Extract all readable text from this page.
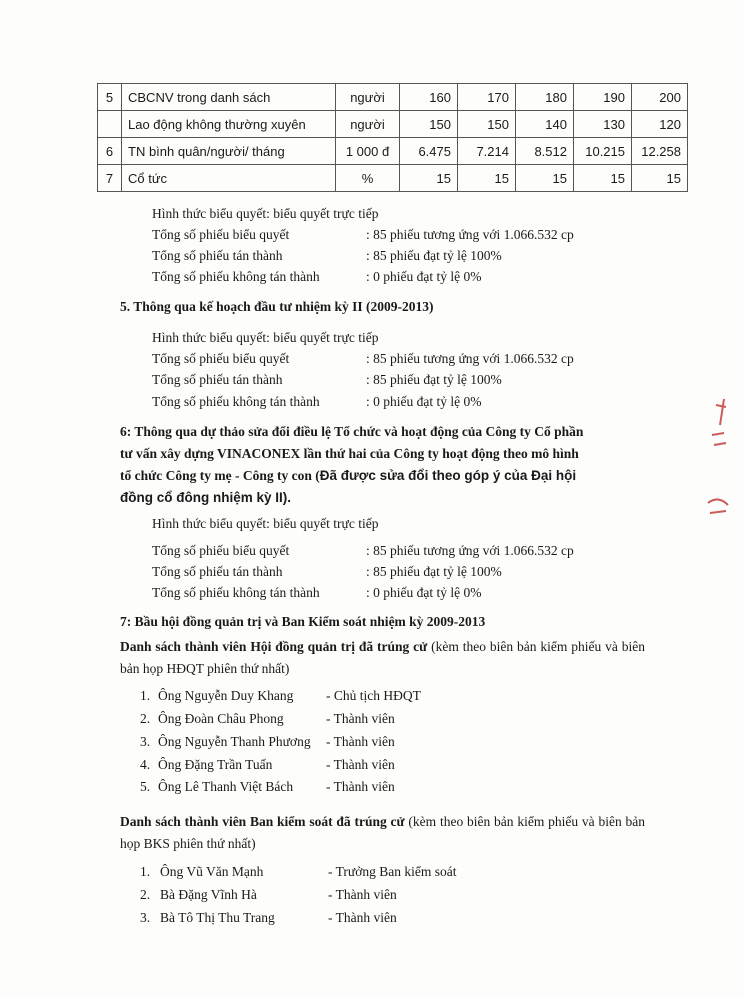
5	CBCNV trong danh sách	người	160	170	180	190	200
	Lao động không thường xuyên	người	150	150	140	130	120
6	TN bình quân/người/ tháng	1 000 đ	6.475	7.214	8.512	10.215	12.258
7	Cổ tức	%	15	15	15	15	15
Hình thức biểu quyết: biểu quyết trực tiếp
Tổng số phiếu biểu quyết	: 85 phiếu tương ứng với 1.066.532 cp
Tổng số phiếu tán thành	: 85 phiếu đạt tỷ lệ 100%
Tổng số phiếu không tán thành	: 0 phiếu đạt tỷ lệ 0%
5. Thông qua kế hoạch đầu tư nhiệm kỳ II (2009-2013)
Hình thức biểu quyết: biểu quyết trực tiếp
Tổng số phiếu biểu quyết	: 85 phiếu tương ứng với 1.066.532 cp
Tổng số phiếu tán thành	: 85 phiếu đạt tỷ lệ 100%
Tổng số phiếu không tán thành	: 0 phiếu đạt tỷ lệ 0%
6: Thông qua dự thảo sửa đổi điều lệ Tổ chức và hoạt động của Công ty Cổ phần
tư vấn xây dựng VINACONEX lần thứ hai của Công ty hoạt động theo mô hình
tổ chức Công ty mẹ - Công ty con (Đã được sửa đổi theo góp ý của Đại hội
đồng cổ đông nhiệm kỳ II).
Hình thức biểu quyết: biểu quyết trực tiếp
Tổng số phiếu biểu quyết	: 85 phiếu tương ứng với 1.066.532 cp
Tổng số phiếu tán thành	: 85 phiếu đạt tỷ lệ 100%
Tổng số phiếu không tán thành	: 0 phiếu đạt tỷ lệ 0%
7: Bầu hội đồng quản trị và Ban Kiểm soát nhiệm kỳ 2009-2013
Danh sách thành viên Hội đồng quản trị đã trúng cử (kèm theo biên bản kiểm phiếu và biên bản họp HĐQT phiên thứ nhất)
1. Ông Nguyễn Duy Khang - Chủ tịch HĐQT
2. Ông Đoàn Châu Phong	- Thành viên
3. Ông Nguyễn Thanh Phương - Thành viên
4. Ông Đặng Trần Tuấn	- Thành viên
5. Ông Lê Thanh Việt Bách - Thành viên
Danh sách thành viên Ban kiểm soát đã trúng cử (kèm theo biên bản kiểm phiếu và biên bản họp BKS phiên thứ nhất)
1. Ông Vũ Văn Mạnh	- Trưởng Ban kiểm soát
2. Bà Đặng Vĩnh Hà	- Thành viên
3. Bà Tô Thị Thu Trang	- Thành viên
